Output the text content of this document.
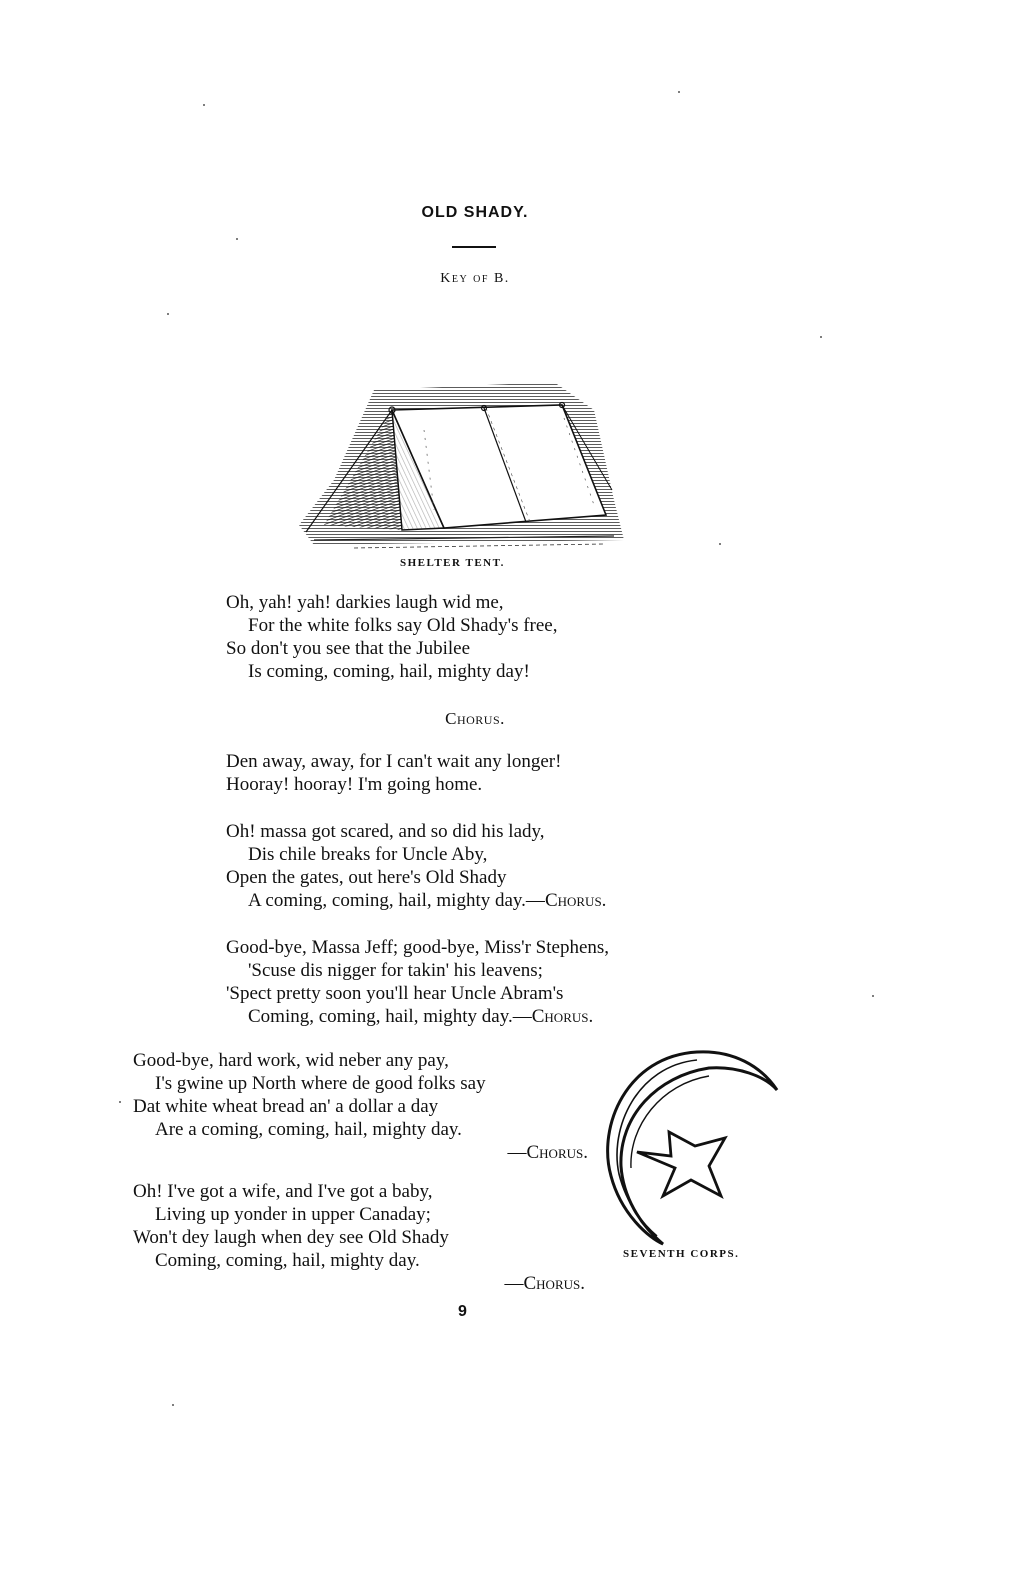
OLD SHADY.
Key of B.
SHELTER TENT.
Oh, yah! yah! darkies laugh wid me,
For the white folks say Old Shady's free,
So don't you see that the Jubilee
Is coming, coming, hail, mighty day!
Chorus.
Den away, away, for I can't wait any longer!
Hooray! hooray! I'm going home.
Oh! massa got scared, and so did his lady,
Dis chile breaks for Uncle Aby,
Open the gates, out here's Old Shady
A coming, coming, hail, mighty day.—Chorus.
Good-bye, Massa Jeff; good-bye, Miss'r Stephens,
'Scuse dis nigger for takin' his leavens;
'Spect pretty soon you'll hear Uncle Abram's
Coming, coming, hail, mighty day.—Chorus.
Good-bye, hard work, wid neber any pay,
I's gwine up North where de good folks say
Dat white wheat bread an' a dollar a day
Are a coming, coming, hail, mighty day.
—Chorus.
Oh! I've got a wife, and I've got a baby,
Living up yonder in upper Canaday;
Won't dey laugh when dey see Old Shady
Coming, coming, hail, mighty day.
—Chorus.
SEVENTH CORPS.
9
